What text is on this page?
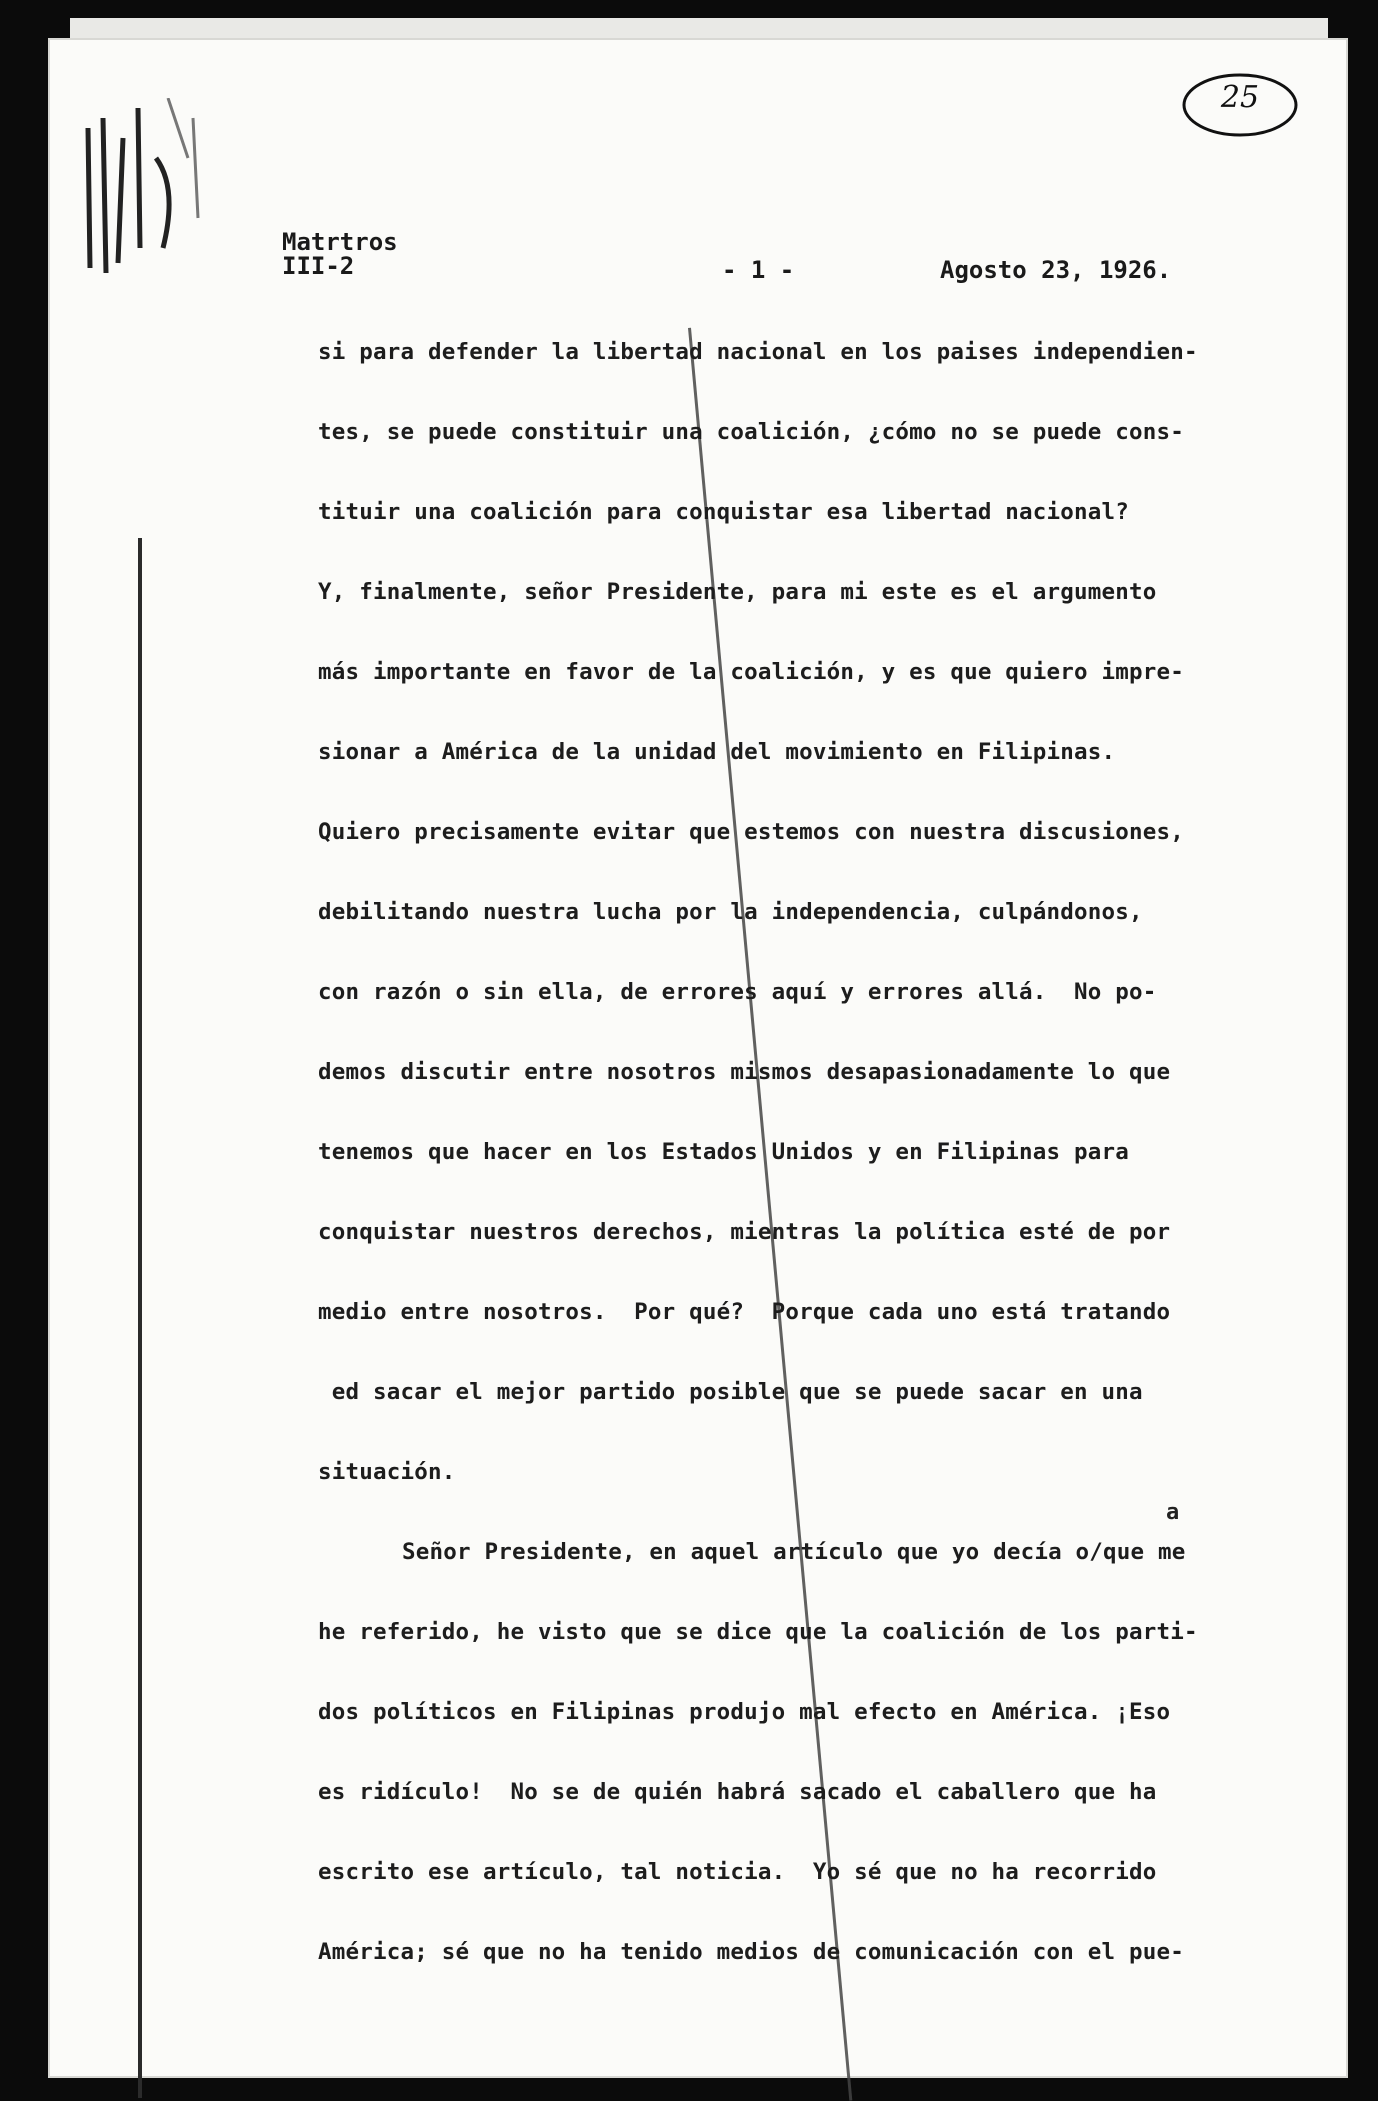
25
Matrtros
III-2	- 1 -	Agosto 23, 1926.
si para defender la libertad nacional en los paises independien-
tes, se puede constituir una coalición, ¿cómo no se puede cons-
tituir una coalición para conquistar esa libertad nacional?
Y, finalmente, señor Presidente, para mi este es el argumento
más importante en favor de la coalición, y es que quiero impre-
sionar a América de la unidad del movimiento en Filipinas.
Quiero precisamente evitar que estemos con nuestra discusiones,
debilitando nuestra lucha por la independencia, culpándonos,
con razón o sin ella, de errores aquí y errores allá.  No po-
demos discutir entre nosotros mismos desapasionadamente lo que
tenemos que hacer en los Estados Unidos y en Filipinas para
conquistar nuestros derechos, mientras la política esté de por
medio entre nosotros.  Por qué?  Porque cada uno está tratando
ed sacar el mejor partido posible que se puede sacar en una
situación.
Señor Presidente, en aquel artículo que yo decía o/que me
he referido, he visto que se dice que la coalición de los parti-
dos políticos en Filipinas produjo mal efecto en América. ¡Eso
es ridículo!  No se de quién habrá sacado el caballero que ha
escrito ese artículo, tal noticia.  Yo sé que no ha recorrido
América; sé que no ha tenido medios de comunicación con el pue-
a
